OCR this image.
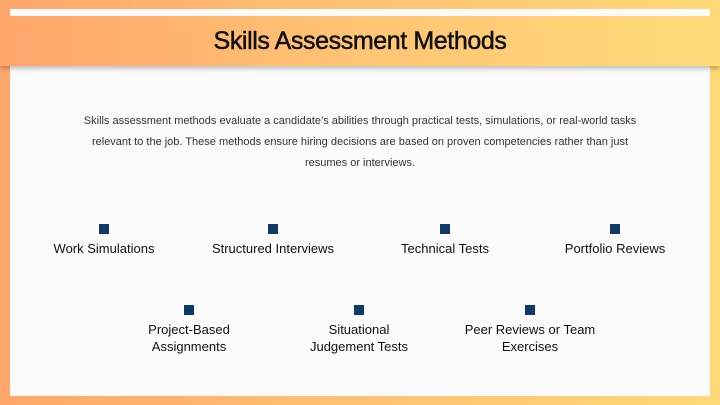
Skills Assessment Methods

Skills assessment methods evaluate a candidate’s abilities through practical tests, simulations, or real-world tasks relevant to the job. These methods ensure hiring decisions are based on proven competencies rather than just resumes or interviews.

Work Simulations	Structured Interviews	Technical Tests	Portfolio Reviews
Project-Based Assignments
Situational Judgement Tests
Peer Reviews or Team Exercises
